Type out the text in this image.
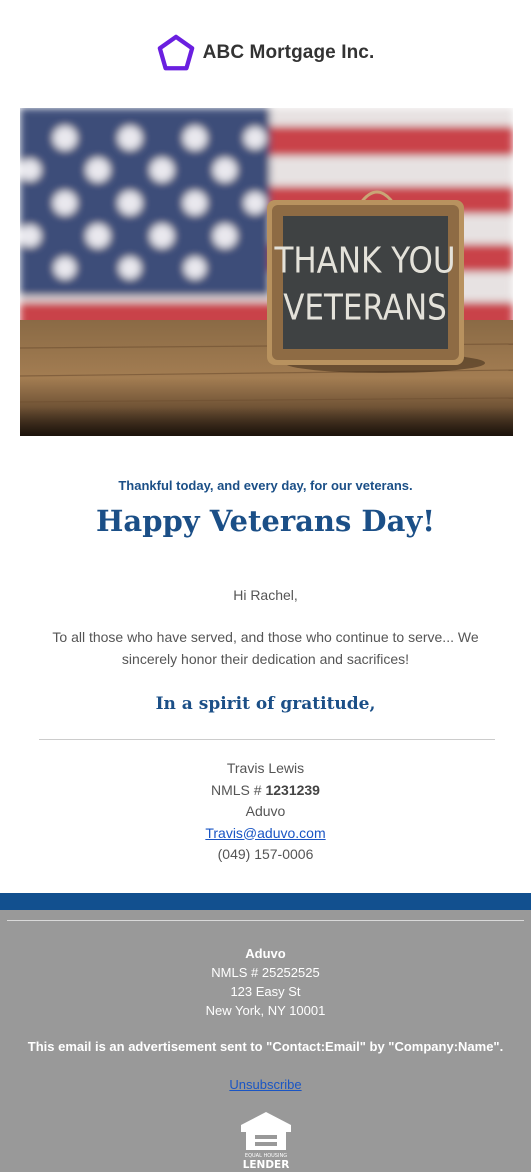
ABC Mortgage Inc.
THANK YOU
VETERANS
Thankful today, and every day, for our veterans.
Happy Veterans Day!
Hi Rachel,
To all those who have served, and those who continue to serve... We sincerely honor their dedication and sacrifices!
In a spirit of gratitude,
Travis Lewis
NMLS # 1231239
Aduvo
Travis@aduvo.com
(049) 157-0006
Aduvo
NMLS # 25252525
123 Easy St
New York, NY 10001
This email is an advertisement sent to "Contact:Email" by "Company:Name".
Unsubscribe
EQUAL HOUSING
LENDER
